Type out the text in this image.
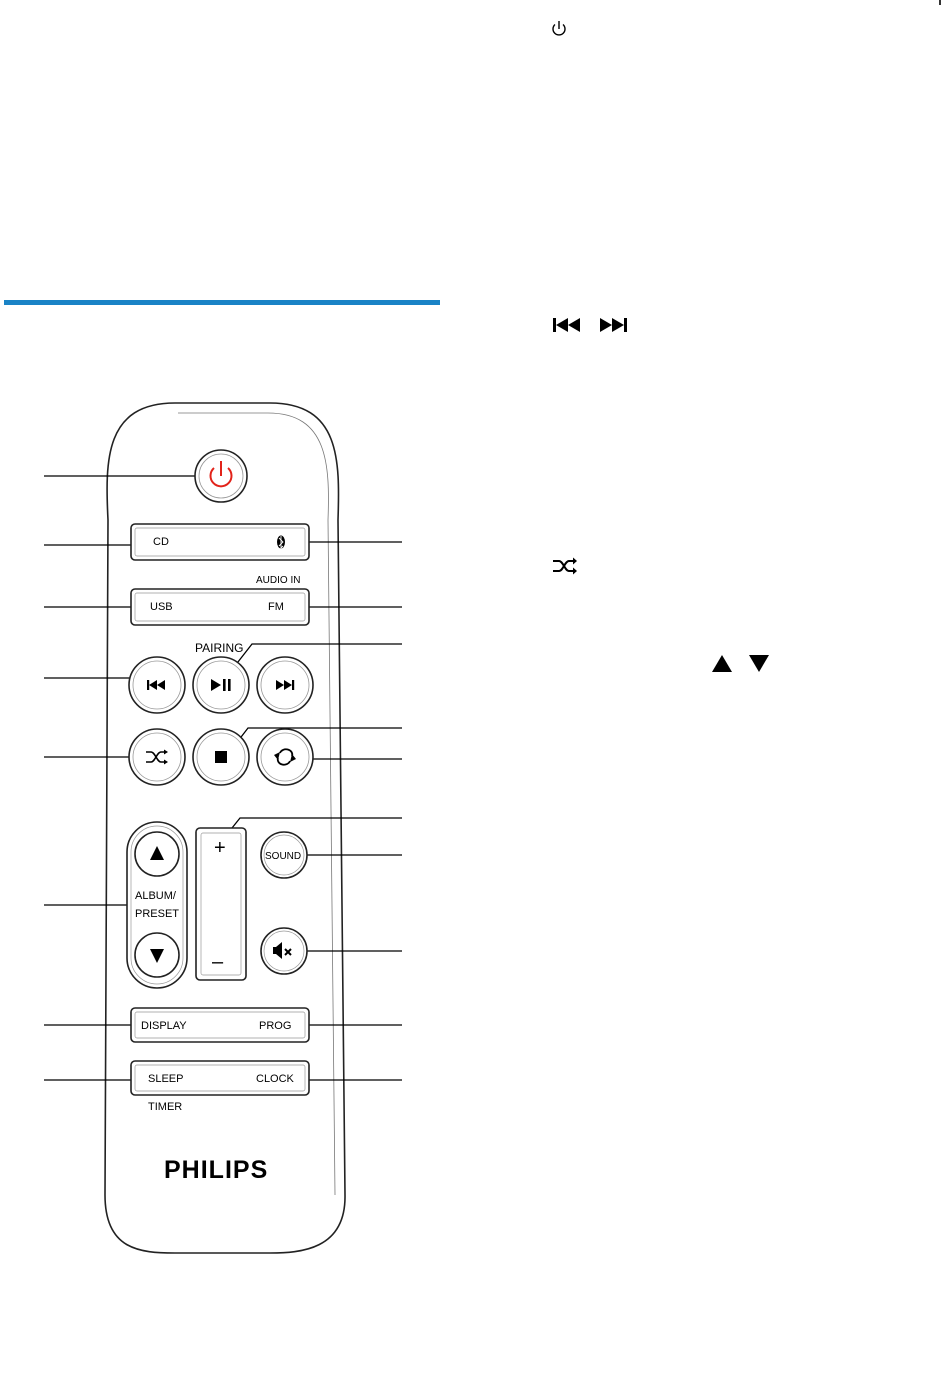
CD
AUDIO IN
USB	FM
PAIRING
ALBUM/
PRESET
+
–
SOUND
DISPLAY	PROG
SLEEP	CLOCK
TIMER
PHILIPS
